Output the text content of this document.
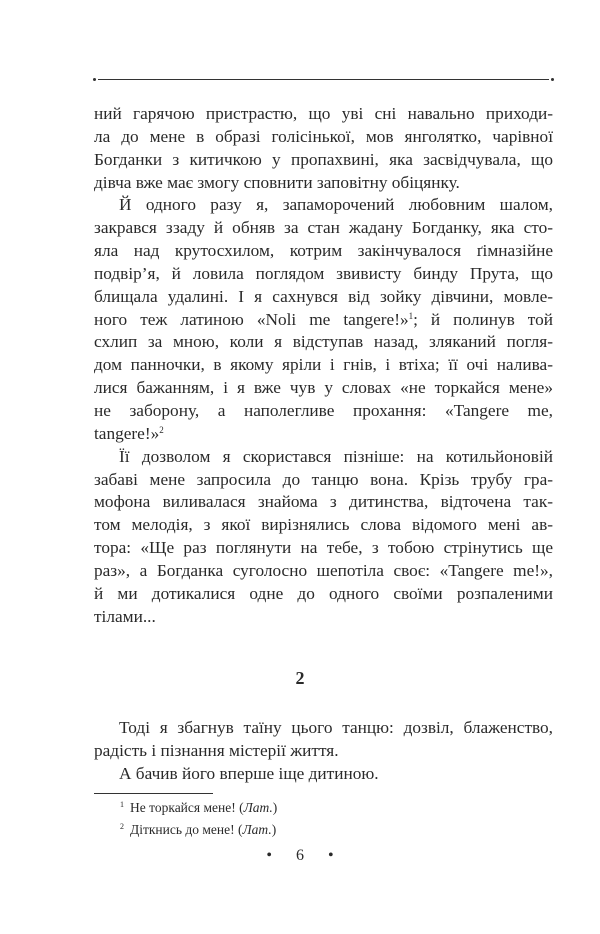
ний гарячою пристрастю, що уві сні навально приходи-
ла до мене в образі голісінької, мов янголятко, чарівної
Богданки з китичкою у пропахвині, яка засвідчувала, що
дівча вже має змогу сповнити заповітну обіцянку.
Й одного разу я, запаморочений любовним шалом,
закрався ззаду й обняв за стан жадану Богданку, яка сто-
яла над крутосхилом, котрим закінчувалося ґімназійне
подвір’я, й ловила поглядом звивисту бинду Прута, що
блищала удалині. І я сахнувся від зойку дівчини, мовле-
ного теж латиною «Noli me tangere!»$^1$; й полинув той
схлип за мною, коли я відступав назад, зляканий погля-
дом панночки, в якому яріли і гнів, і втіха; її очі налива-
лися бажанням, і я вже чув у словах «не торкайся мене»
не заборону, а наполегливе прохання: «Tangere me,
tangere!»$^2$
Її дозволом я скористався пізніше: на котильйоновій
забаві мене запросила до танцю вона. Крізь трубу гра-
мофона виливалася знайома з дитинства, відточена так-
том мелодія, з якої вирізнялись слова відомого мені ав-
тора: «Ще раз поглянути на тебе, з тобою стрінутись ще
раз», а Богданка суголосно шепотіла своє: «Tangere me!»,
й ми дотикалися одне до одного своїми розпаленими
тілами...
2
Тоді я збагнув таїну цього танцю: дозвіл, блаженство,
радість і пізнання містерії життя.
А бачив його вперше іще дитиною.
$^1$ Не торкайся мене! (Лат.)
$^2$ Діткнись до мене! (Лат.)
• 6 •
